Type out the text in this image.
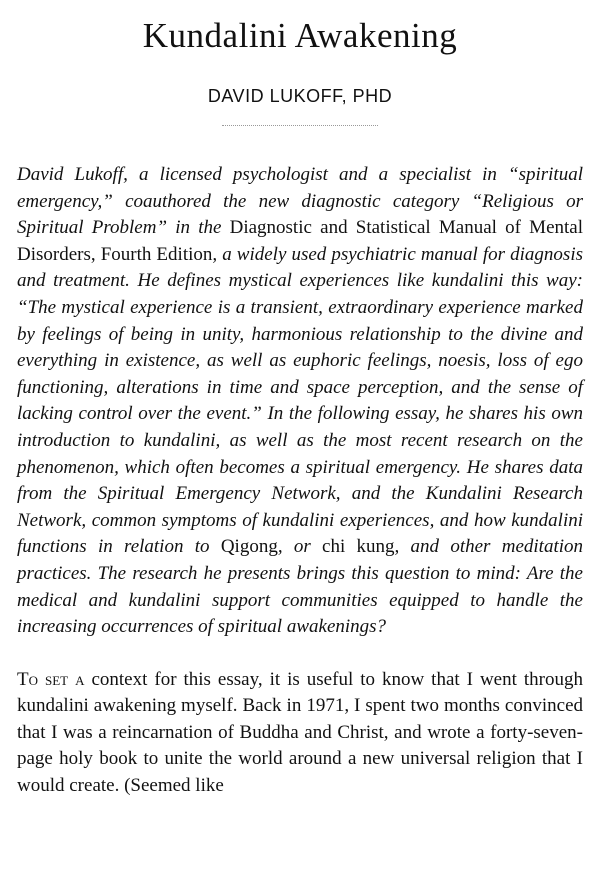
Kundalini Awakening
DAVID LUKOFF, PHD

David Lukoff, a licensed psychologist and a specialist in “spiritual emergency,” coauthored the new diagnostic category “Religious or Spiritual Problem” in the Diagnostic and Statistical Manual of Mental Disorders, Fourth Edition, a widely used psychiatric manual for diagnosis and treatment. He defines mystical experiences like kundalini this way: “The mystical experience is a transient, extraordinary experience marked by feelings of being in unity, harmonious relationship to the divine and everything in existence, as well as euphoric feelings, noesis, loss of ego functioning, alterations in time and space perception, and the sense of lacking control over the event.” In the following essay, he shares his own introduction to kundalini, as well as the most recent research on the phenomenon, which often becomes a spiritual emergency. He shares data from the Spiritual Emergency Network, and the Kundalini Research Network, common symptoms of kundalini experiences, and how kundalini functions in relation to Qigong, or chi kung, and other meditation practices. The research he presents brings this question to mind: Are the medical and kundalini support communities equipped to handle the increasing occurrences of spiritual awakenings?

To set a context for this essay, it is useful to know that I went through kundalini awakening myself. Back in 1971, I spent two months convinced that I was a reincarnation of Buddha and Christ, and wrote a forty-seven-page holy book to unite the world around a new universal religion that I would create. (Seemed like
